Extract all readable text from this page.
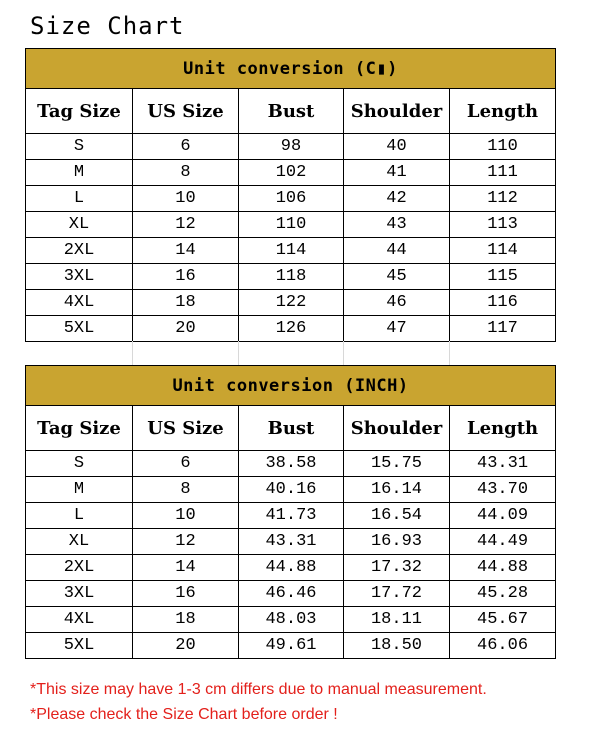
Size Chart
Unit conversion (C▮)				
Tag Size	US Size	Bust	Shoulder	Length
S	6	98	40	110
M	8	102	41	111
L	10	106	42	112
XL	12	110	43	113
2XL	14	114	44	114
3XL	16	118	45	115
4XL	18	122	46	116
5XL	20	126	47	117
Unit conversion (INCH)				
Tag Size	US Size	Bust	Shoulder	Length
S	6	38.58	15.75	43.31
M	8	40.16	16.14	43.70
L	10	41.73	16.54	44.09
XL	12	43.31	16.93	44.49
2XL	14	44.88	17.32	44.88
3XL	16	46.46	17.72	45.28
4XL	18	48.03	18.11	45.67
5XL	20	49.61	18.50	46.06

*This size may have 1-3 cm differs due to manual measurement.

*Please check the Size Chart before order !
